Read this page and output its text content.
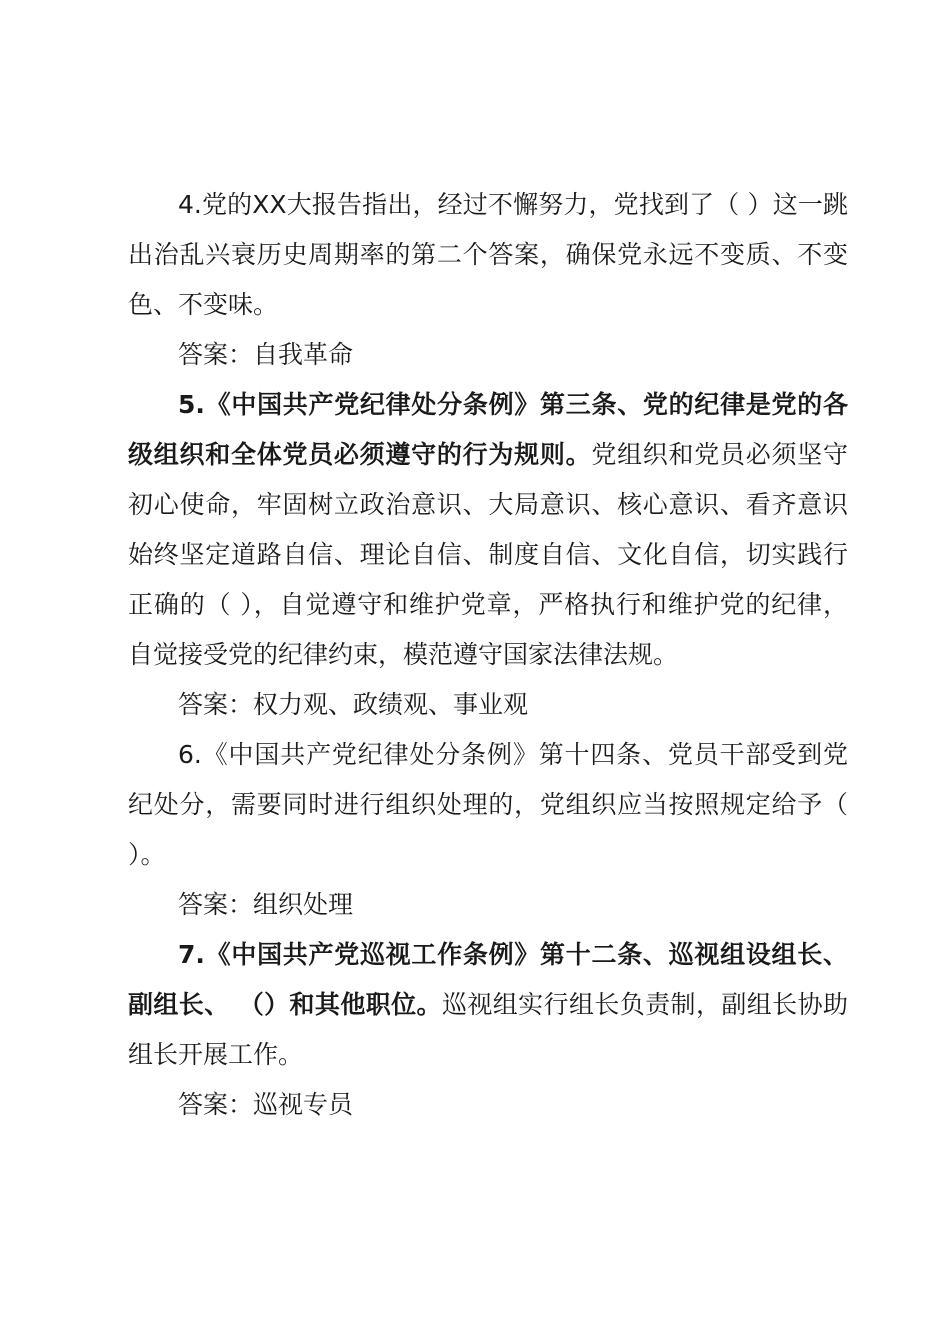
4.党的XX大报告指出，经过不懈努力，党找到了（ ）这一跳出治乱兴衰历史周期率的第二个答案，确保党永远不变质、不变色、不变味。

答案：自我革命

5.《中国共产党纪律处分条例》第三条、党的纪律是党的各级组织和全体党员必须遵守的行为规则。党组织和党员必须坚守初心使命，牢固树立政治意识、大局意识、核心意识、看齐意识始终坚定道路自信、理论自信、制度自信、文化自信，切实践行正确的（ ），自觉遵守和维护党章，严格执行和维护党的纪律，自觉接受党的纪律约束，模范遵守国家法律法规。

答案：权力观、政绩观、事业观

6.《中国共产党纪律处分条例》第十四条、党员干部受到党纪处分，需要同时进行组织处理的，党组织应当按照规定给予（ ）。

答案：组织处理

7.《中国共产党巡视工作条例》第十二条、巡视组设组长、副组长、 （）和其他职位。巡视组实行组长负责制，副组长协助组长开展工作。

答案：巡视专员
